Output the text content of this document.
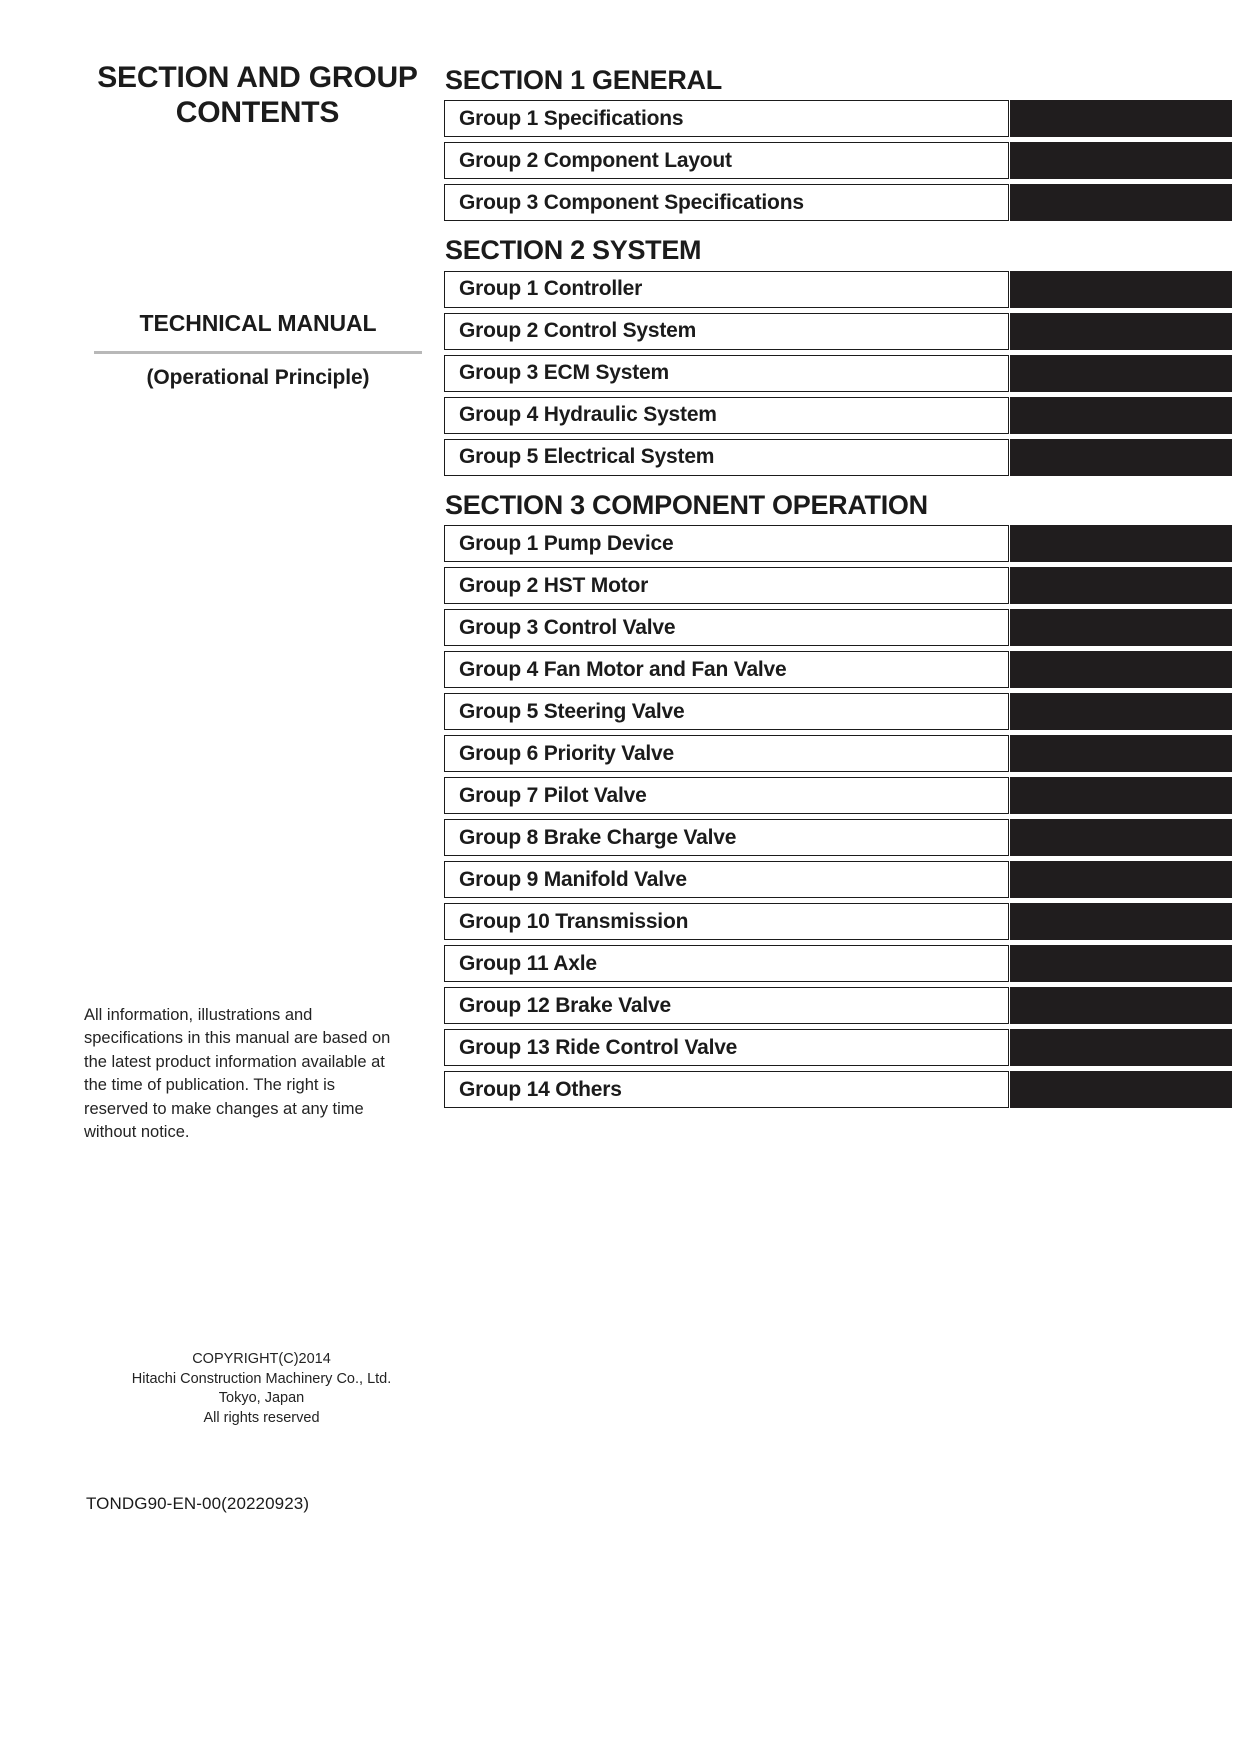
SECTION AND GROUP CONTENTS
TECHNICAL MANUAL
(Operational Principle)

All information, illustrations and specifications in this manual are based on the latest product information available at the time of publication. The right is reserved to make changes at any time without notice.

COPYRIGHT(C)2014
Hitachi Construction Machinery Co., Ltd.
Tokyo, Japan
All rights reserved
TONDG90-EN-00(20220923)
SECTION 1 GENERAL
Group 1 Specifications
Group 2 Component Layout
Group 3 Component Specifications
SECTION 2 SYSTEM
Group 1 Controller
Group 2 Control System
Group 3 ECM System
Group 4 Hydraulic System
Group 5 Electrical System
SECTION 3 COMPONENT OPERATION
Group 1 Pump Device
Group 2 HST Motor
Group 3 Control Valve
Group 4 Fan Motor and Fan Valve
Group 5 Steering Valve
Group 6 Priority Valve
Group 7 Pilot Valve
Group 8 Brake Charge Valve
Group 9 Manifold Valve
Group 10 Transmission
Group 11 Axle
Group 12 Brake Valve
Group 13 Ride Control Valve
Group 14 Others
